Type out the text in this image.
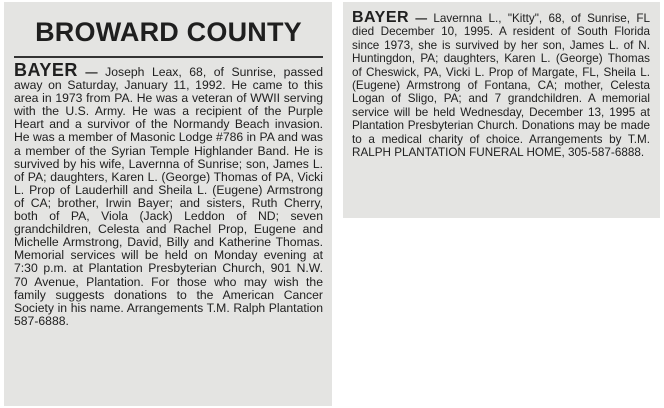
BROWARD COUNTY

BAYER — Joseph Leax, 68, of Sunrise, passed away on Saturday, January 11, 1992. He came to this area in 1973 from PA. He was a veteran of WWII serving with the U.S. Army. He was a recipient of the Purple Heart and a survivor of the Normandy Beach invasion. He was a member of Masonic Lodge #786 in PA and was a member of the Syrian Temple Highlander Band. He is survived by his wife, Lavernna of Sunrise; son, James L. of PA; daughters, Karen L. (George) Thomas of PA, Vicki L. Prop of Lauderhill and Sheila L. (Eugene) Armstrong of CA; brother, Irwin Bayer; and sisters, Ruth Cherry, both of PA, Viola (Jack) Leddon of ND; seven grandchildren, Celesta and Rachel Prop, Eugene and Michelle Armstrong, David, Billy and Katherine Thomas. Memorial services will be held on Monday evening at 7:30 p.m. at Plantation Presbyterian Church, 901 N.W. 70 Avenue, Plantation. For those who may wish the family suggests donations to the American Cancer Society in his name. Arrangements T.M. Ralph Plantation 587-6888.

BAYER — Lavernna L., "Kitty", 68, of Sunrise, FL died December 10, 1995. A resident of South Florida since 1973, she is survived by her son, James L. of N. Huntingdon, PA; daughters, Karen L. (George) Thomas of Cheswick, PA, Vicki L. Prop of Margate, FL, Sheila L. (Eugene) Armstrong of Fontana, CA; mother, Celesta Logan of Sligo, PA; and 7 grandchildren. A memorial service will be held Wednesday, December 13, 1995 at Plantation Presbyterian Church. Donations may be made to a medical charity of choice. Arrangements by T.M. RALPH PLANTATION FUNERAL HOME, 305-587-6888.
